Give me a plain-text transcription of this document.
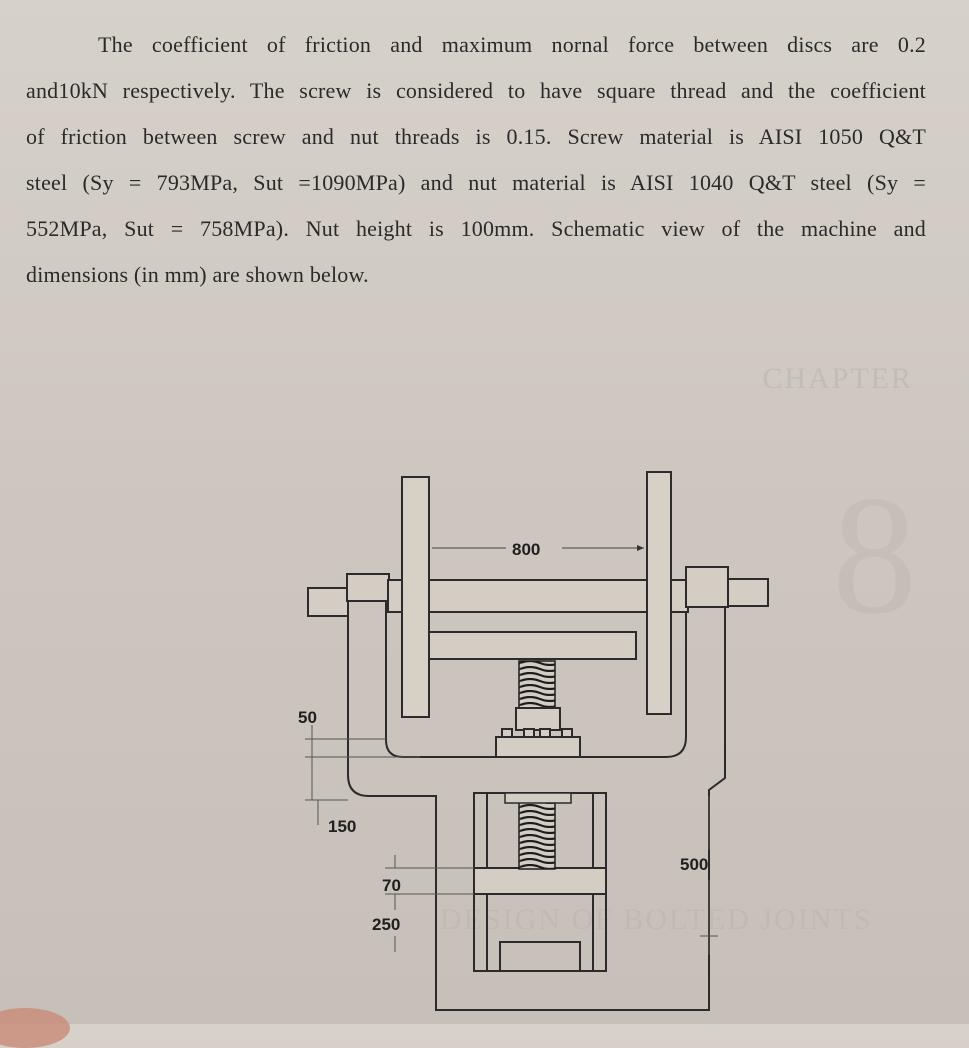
The coefficient of friction and maximum nornal force between discs are 0.2
and10kN respectively. The screw is considered to have square thread and the coefficient
of friction between screw and nut threads is 0.15. Screw material is AISI 1050 Q&T
steel (Sy = 793MPa, Sut =1090MPa) and nut material is AISI 1040 Q&T steel (Sy =
552MPa, Sut = 758MPa). Nut height is 100mm. Schematic view of the machine and
dimensions (in mm) are shown below.
CHAPTER
8
DESIGN OF BOLTED JOINTS
800
50
150
70
250
500
